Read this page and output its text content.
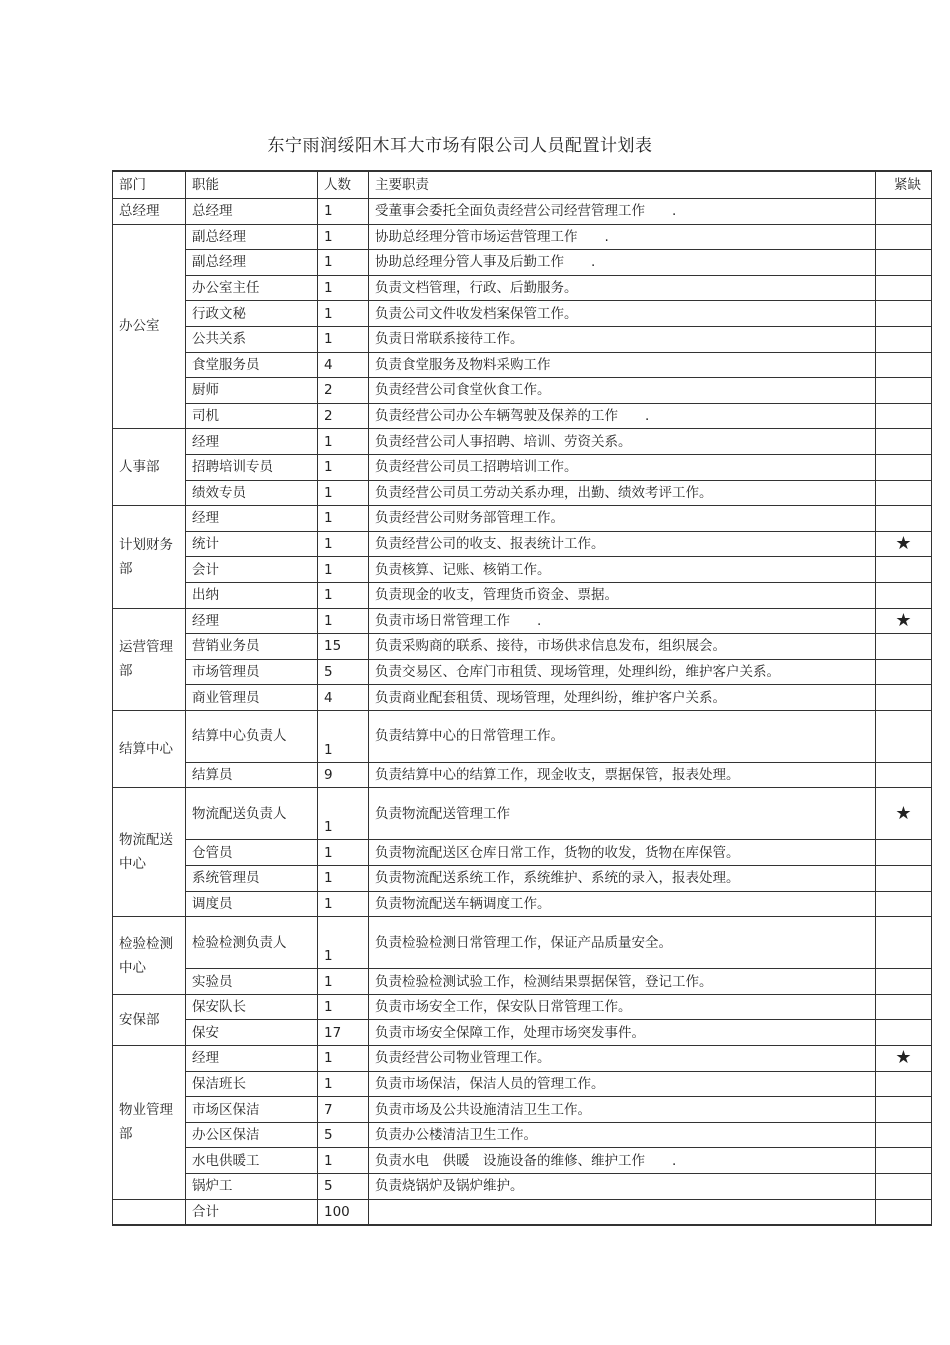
东宁雨润绥阳木耳大市场有限公司人员配置计划表
部门	职能	人数	主要职责	紧缺
总经理	总经理	1	受董事会委托全面负责经营公司经营管理工作　　.	
办公室	副总经理	1	协助总经理分管市场运营管理工作　　.	
	副总经理	1	协助总经理分管人事及后勤工作　　.	
	办公室主任	1	负责文档管理，行政、后勤服务。	
	行政文秘	1	负责公司文件收发档案保管工作。	
	公共关系	1	负责日常联系接待工作。	
	食堂服务员	4	负责食堂服务及物料采购工作	
	厨师	2	负责经营公司食堂伙食工作。	
	司机	2	负责经营公司办公车辆驾驶及保养的工作　　.	
人事部	经理	1	负责经营公司人事招聘、培训、劳资关系。	
	招聘培训专员	1	负责经营公司员工招聘培训工作。	
	绩效专员	1	负责经营公司员工劳动关系办理，出勤、绩效考评工作。	
计划财务部	经理	1	负责经营公司财务部管理工作。	
	统计	1	负责经营公司的收支、报表统计工作。	★
	会计	1	负责核算、记账、核销工作。	
	出纳	1	负责现金的收支，管理货币资金、票据。	
运营管理部	经理	1	负责市场日常管理工作　　.	★
	营销业务员	15	负责采购商的联系、接待，市场供求信息发布，组织展会。	
	市场管理员	5	负责交易区、仓库门市租赁、现场管理，处理纠纷，维护客户关系。	
	商业管理员	4	负责商业配套租赁、现场管理，处理纠纷，维护客户关系。	
结算中心	结算中心负责人	1	负责结算中心的日常管理工作。	
	结算员	9	负责结算中心的结算工作，现金收支，票据保管，报表处理。	
物流配送中心	物流配送负责人	1	负责物流配送管理工作	★
	仓管员	1	负责物流配送区仓库日常工作，货物的收发，货物在库保管。	
	系统管理员	1	负责物流配送系统工作，系统维护、系统的录入，报表处理。	
	调度员	1	负责物流配送车辆调度工作。	
检验检测中心	检验检测负责人	1	负责检验检测日常管理工作，保证产品质量安全。	
	实验员	1	负责检验检测试验工作，检测结果票据保管，登记工作。	
安保部	保安队长	1	负责市场安全工作，保安队日常管理工作。	
	保安	17	负责市场安全保障工作，处理市场突发事件。	
物业管理部	经理	1	负责经营公司物业管理工作。	★
	保洁班长	1	负责市场保洁，保洁人员的管理工作。	
	市场区保洁	7	负责市场及公共设施清洁卫生工作。	
	办公区保洁	5	负责办公楼清洁卫生工作。	
	水电供暖工	1	负责水电　供暖　设施设备的维修、维护工作　　.	
	锅炉工	5	负责烧锅炉及锅炉维护。	
	合计	100		
